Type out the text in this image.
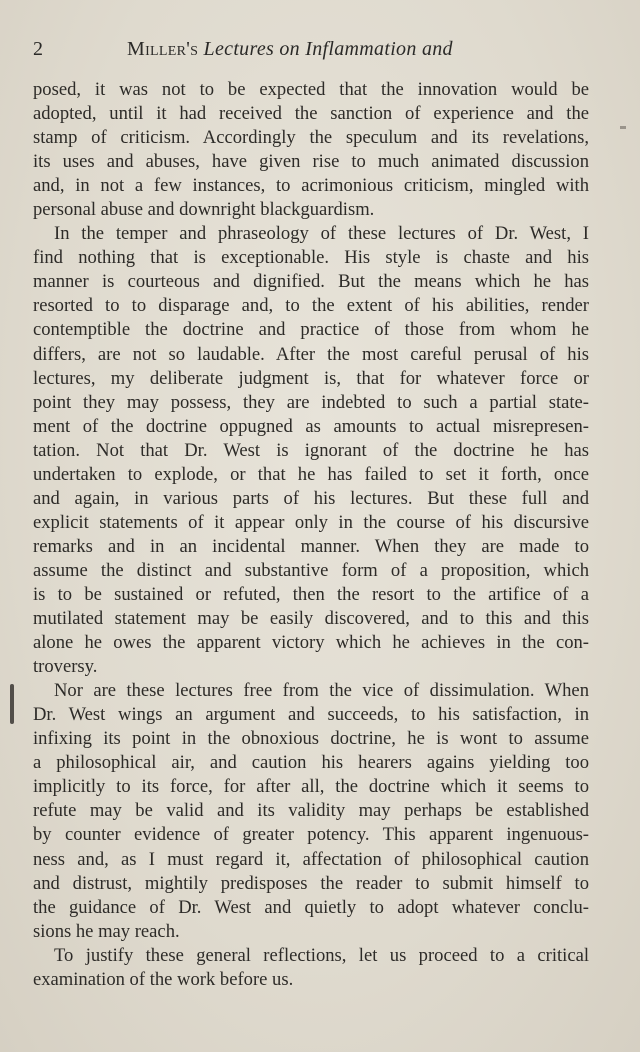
2	Miller's Lectures on Inflammation and
posed, it was not to be expected that the innovation would be
adopted, until it had received the sanction of experience and the
stamp of criticism. Accordingly the speculum and its revelations,
its uses and abuses, have given rise to much animated discussion
and, in not a few instances, to acrimonious criticism, mingled with
personal abuse and downright blackguardism.
In the temper and phraseology of these lectures of Dr. West, I
find nothing that is exceptionable. His style is chaste and his
manner is courteous and dignified. But the means which he has
resorted to to disparage and, to the extent of his abilities, render
contemptible the doctrine and practice of those from whom he
differs, are not so laudable. After the most careful perusal of his
lectures, my deliberate judgment is, that for whatever force or
point they may possess, they are indebted to such a partial state-
ment of the doctrine oppugned as amounts to actual misrepresen-
tation. Not that Dr. West is ignorant of the doctrine he has
undertaken to explode, or that he has failed to set it forth, once
and again, in various parts of his lectures. But these full and
explicit statements of it appear only in the course of his discursive
remarks and in an incidental manner. When they are made to
assume the distinct and substantive form of a proposition, which
is to be sustained or refuted, then the resort to the artifice of a
mutilated statement may be easily discovered, and to this and this
alone he owes the apparent victory which he achieves in the con-
troversy.
Nor are these lectures free from the vice of dissimulation. When
Dr. West wings an argument and succeeds, to his satisfaction, in
infixing its point in the obnoxious doctrine, he is wont to assume
a philosophical air, and caution his hearers agains yielding too
implicitly to its force, for after all, the doctrine which it seems to
refute may be valid and its validity may perhaps be established
by counter evidence of greater potency. This apparent ingenuous-
ness and, as I must regard it, affectation of philosophical caution
and distrust, mightily predisposes the reader to submit himself to
the guidance of Dr. West and quietly to adopt whatever conclu-
sions he may reach.
To justify these general reflections, let us proceed to a critical
examination of the work before us.
